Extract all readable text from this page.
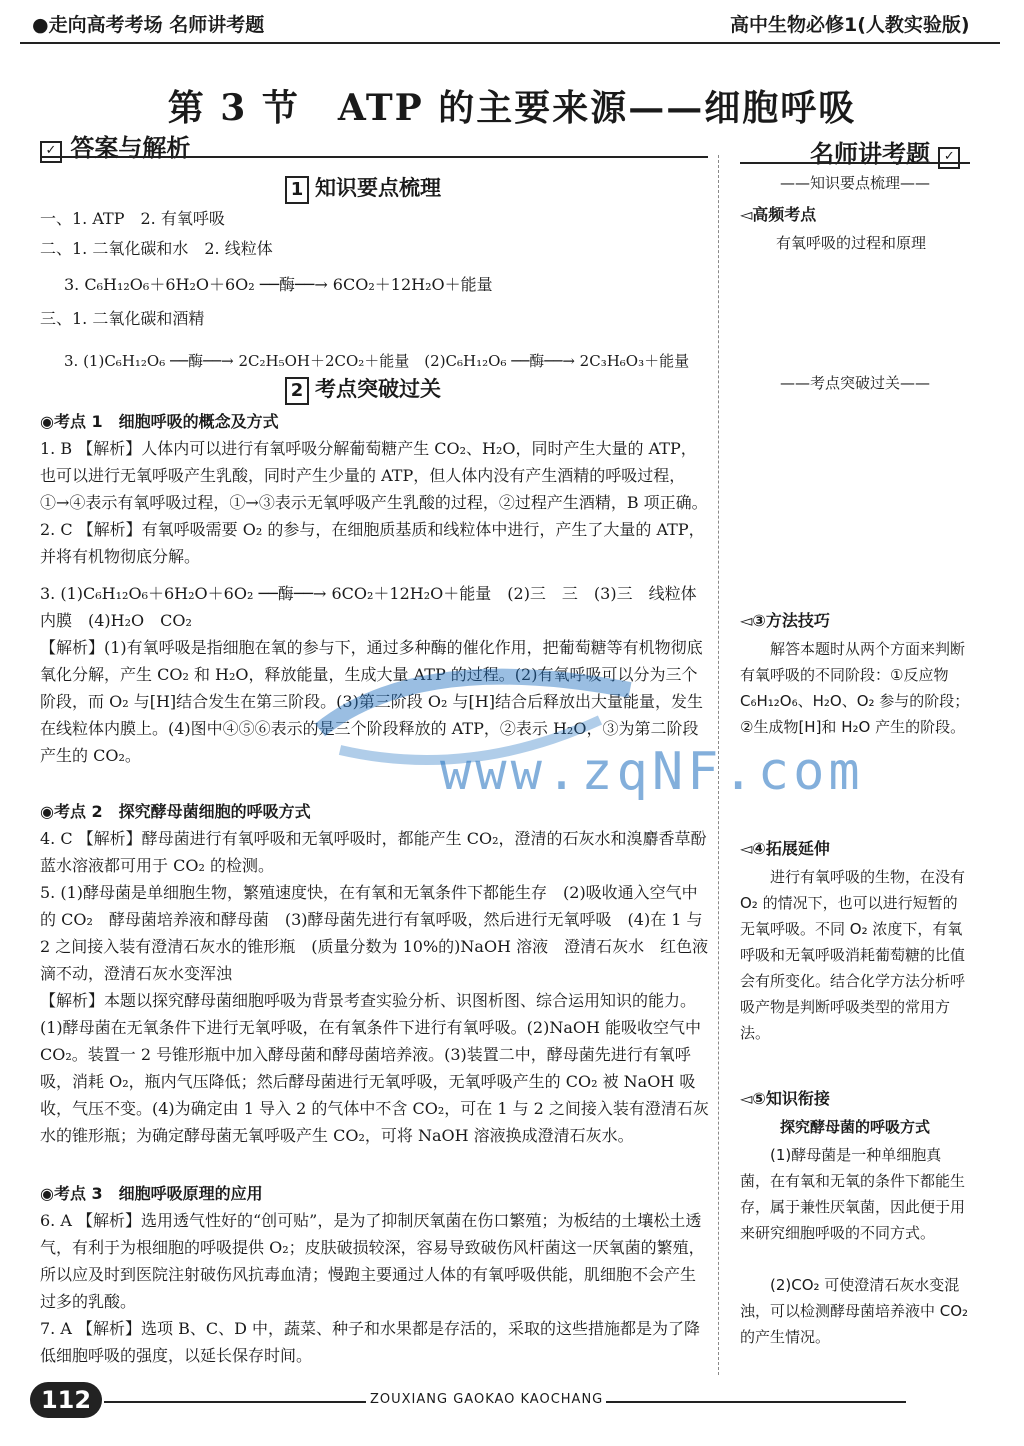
●走向高考考场 名师讲考题	高中生物必修1(人教实验版)
第 3 节　ATP 的主要来源——细胞呼吸
✓ 答案与解析	名师讲考题 ✓
1 知识要点梳理
一、1. ATP　2. 有氧呼吸
二、1. 二氧化碳和水　2. 线粒体
3. C₆H₁₂O₆＋6H₂O＋6O₂ ──酶──→ 6CO₂＋12H₂O＋能量
三、1. 二氧化碳和酒精
3. (1)C₆H₁₂O₆ ──酶──→ 2C₂H₅OH＋2CO₂＋能量　(2)C₆H₁₂O₆ ──酶──→ 2C₃H₆O₃＋能量
2 考点突破过关
◉考点 1　细胞呼吸的概念及方式
1. B 【解析】人体内可以进行有氧呼吸分解葡萄糖产生 CO₂、H₂O，同时产生大量的 ATP，也可以进行无氧呼吸产生乳酸，同时产生少量的 ATP，但人体内没有产生酒精的呼吸过程，①→④表示有氧呼吸过程，①→③表示无氧呼吸产生乳酸的过程，②过程产生酒精，B 项正确。
2. C 【解析】有氧呼吸需要 O₂ 的参与，在细胞质基质和线粒体中进行，产生了大量的 ATP，并将有机物彻底分解。
3. (1)C₆H₁₂O₆＋6H₂O＋6O₂ ──酶──→ 6CO₂＋12H₂O＋能量　(2)三　三　(3)三　线粒体内膜　(4)H₂O　CO₂
【解析】(1)有氧呼吸是指细胞在氧的参与下，通过多种酶的催化作用，把葡萄糖等有机物彻底氧化分解，产生 CO₂ 和 H₂O，释放能量，生成大量 ATP 的过程。(2)有氧呼吸可以分为三个阶段，而 O₂ 与[H]结合发生在第三阶段。(3)第三阶段 O₂ 与[H]结合后释放出大量能量，发生在线粒体内膜上。(4)图中④⑤⑥表示的是三个阶段释放的 ATP，②表示 H₂O，③为第二阶段产生的 CO₂。
◉考点 2　探究酵母菌细胞的呼吸方式
4. C 【解析】酵母菌进行有氧呼吸和无氧呼吸时，都能产生 CO₂，澄清的石灰水和溴麝香草酚蓝水溶液都可用于 CO₂ 的检测。
5. (1)酵母菌是单细胞生物，繁殖速度快，在有氧和无氧条件下都能生存　(2)吸收通入空气中的 CO₂　酵母菌培养液和酵母菌　(3)酵母菌先进行有氧呼吸，然后进行无氧呼吸　(4)在 1 与 2 之间接入装有澄清石灰水的锥形瓶　(质量分数为 10%的)NaOH 溶液　澄清石灰水　红色液滴不动，澄清石灰水变浑浊
【解析】本题以探究酵母菌细胞呼吸为背景考查实验分析、识图析图、综合运用知识的能力。(1)酵母菌在无氧条件下进行无氧呼吸，在有氧条件下进行有氧呼吸。(2)NaOH 能吸收空气中 CO₂。装置一 2 号锥形瓶中加入酵母菌和酵母菌培养液。(3)装置二中，酵母菌先进行有氧呼吸，消耗 O₂，瓶内气压降低；然后酵母菌进行无氧呼吸，无氧呼吸产生的 CO₂ 被 NaOH 吸收，气压不变。(4)为确定由 1 导入 2 的气体中不含 CO₂，可在 1 与 2 之间接入装有澄清石灰水的锥形瓶；为确定酵母菌无氧呼吸产生 CO₂，可将 NaOH 溶液换成澄清石灰水。
◉考点 3　细胞呼吸原理的应用
6. A 【解析】选用透气性好的“创可贴”，是为了抑制厌氧菌在伤口繁殖；为板结的土壤松土透气，有利于为根细胞的呼吸提供 O₂；皮肤破损较深，容易导致破伤风杆菌这一厌氧菌的繁殖，所以应及时到医院注射破伤风抗毒血清；慢跑主要通过人体的有氧呼吸供能，肌细胞不会产生过多的乳酸。
7. A 【解析】选项 B、C、D 中，蔬菜、种子和水果都是存活的，采取的这些措施都是为了降低细胞呼吸的强度，以延长保存时间。
——知识要点梳理——
◅高频考点
有氧呼吸的过程和原理
——考点突破过关——
◅③方法技巧
解答本题时从两个方面来判断有氧呼吸的不同阶段：①反应物 C₆H₁₂O₆、H₂O、O₂ 参与的阶段；②生成物[H]和 H₂O 产生的阶段。
◅④拓展延伸
进行有氧呼吸的生物，在没有 O₂ 的情况下，也可以进行短暂的无氧呼吸。不同 O₂ 浓度下，有氧呼吸和无氧呼吸消耗葡萄糖的比值会有所变化。结合化学方法分析呼吸产物是判断呼吸类型的常用方法。
◅⑤知识衔接
探究酵母菌的呼吸方式
(1)酵母菌是一种单细胞真菌，在有氧和无氧的条件下都能生存，属于兼性厌氧菌，因此便于用来研究细胞呼吸的不同方式。
(2)CO₂ 可使澄清石灰水变混浊，可以检测酵母菌培养液中 CO₂ 的产生情况。
www.zqNF.com
112	ZOUXIANG GAOKAO KAOCHANG
